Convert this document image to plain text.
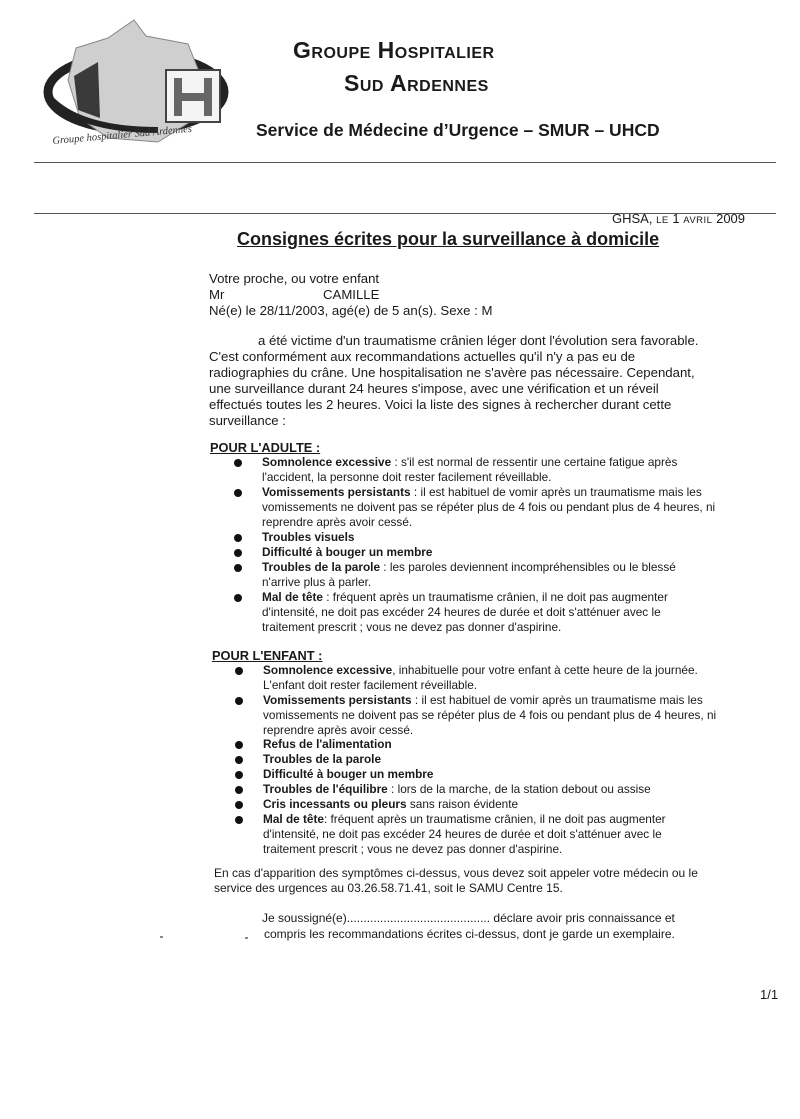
Groupe hospitalier Sud Ardennes
Groupe Hospitalier
Sud Ardennes
Service de Médecine d’Urgence – SMUR – UHCD
GHSA, LE 1 AVRIL 2009
Consignes écrites pour la surveillance à domicile
Votre proche, ou votre enfant
Mr	CAMILLE
Né(e) le 28/11/2003, agé(e) de 5 an(s). Sexe : M
a été victime d'un traumatisme crânien léger dont l'évolution sera favorable.
C'est conformément aux recommandations actuelles qu'il n'y a pas eu de
radiographies du crâne. Une hospitalisation ne s'avère pas nécessaire. Cependant,
une surveillance durant 24 heures s'impose, avec une vérification et un réveil
effectués toutes les 2 heures. Voici la liste des signes à rechercher durant cette
surveillance :
POUR L'ADULTE :
Somnolence excessive : s'il est normal de ressentir une certaine fatigue après
l'accident, la personne doit rester facilement réveillable.
Vomissements persistants : il est habituel de vomir après un traumatisme mais les
vomissements ne doivent pas se répéter plus de 4 fois ou pendant plus de 4 heures, ni
reprendre après avoir cessé.
Troubles visuels
Difficulté à bouger un membre
Troubles de la parole : les paroles deviennent incompréhensibles ou le blessé
n'arrive plus à parler.
Mal de tête : fréquent après un traumatisme crânien, il ne doit pas augmenter
d'intensité, ne doit pas excéder 24 heures de durée et doit s'atténuer avec le
traitement prescrit ; vous ne devez pas donner d'aspirine.
POUR L'ENFANT :
Somnolence excessive, inhabituelle pour votre enfant à cette heure de la journée.
L'enfant doit rester facilement réveillable.
Vomissements persistants : il est habituel de vomir après un traumatisme mais les
vomissements ne doivent pas se répéter plus de 4 fois ou pendant plus de 4 heures, ni
reprendre après avoir cessé.
Refus de l'alimentation
Troubles de la parole
Difficulté à bouger un membre
Troubles de l'équilibre : lors de la marche, de la station debout ou assise
Cris incessants ou pleurs sans raison évidente
Mal de tête: fréquent après un traumatisme crânien, il ne doit pas augmenter
d'intensité, ne doit pas excéder 24 heures de durée et doit s'atténuer avec le
traitement prescrit ; vous ne devez pas donner d'aspirine.
En cas d'apparition des symptômes ci-dessus, vous devez soit appeler votre médecin ou le
service des urgences au 03.26.58.71.41, soit le SAMU Centre 15.
Je soussigné(e)........................................... déclare avoir pris connaissance et
compris les recommandations écrites ci-dessus, dont je garde un exemplaire.
1/1
